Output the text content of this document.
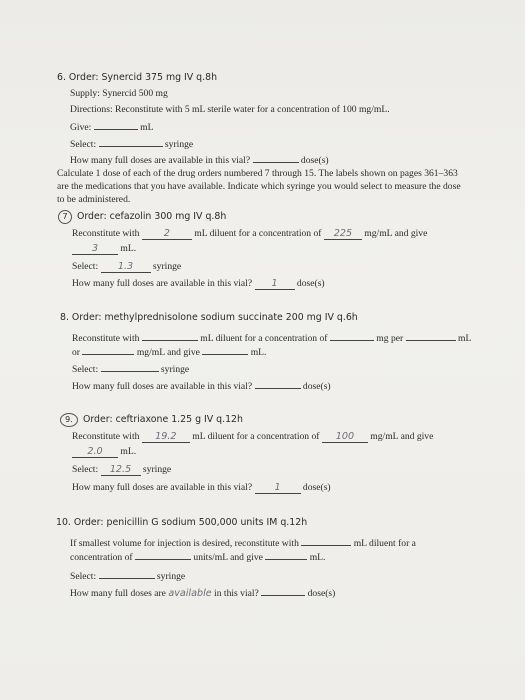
6. Order: Synercid 375 mg IV q.8h
Supply: Synercid 500 mg
Directions: Reconstitute with 5 mL sterile water for a concentration of 100 mg/mL.
Give:	mL
Select:	syringe
How many full doses are available in this vial?	dose(s)
Calculate 1 dose of each of the drug orders numbered 7 through 15. The labels shown on pages 361–363
are the medications that you have available. Indicate which syringe you would select to measure the dose
to be administered.
7 Order: cefazolin 300 mg IV q.8h
Reconstitute with	2	mL diluent for a concentration of 225 mg/mL and give
3 mL.
Select: 1.3 syringe
How many full doses are available in this vial? 1 dose(s)
8. Order: methylprednisolone sodium succinate 200 mg IV q.6h
Reconstitute with	mL diluent for a concentration of	mg per	mL
or	mg/mL and give	mL.
Select:	syringe
How many full doses are available in this vial?	dose(s)
9. Order: ceftriaxone 1.25 g IV q.12h
Reconstitute with 19.2 mL diluent for a concentration of 100 mg/mL and give
2.0 mL.
Select: 12.5 syringe
How many full doses are available in this vial? 1 dose(s)
10. Order: penicillin G sodium 500,000 units IM q.12h
If smallest volume for injection is desired, reconstitute with	mL diluent for a
concentration of	units/mL and give	mL.
Select:	syringe
How many full doses are available in this vial?	dose(s)
